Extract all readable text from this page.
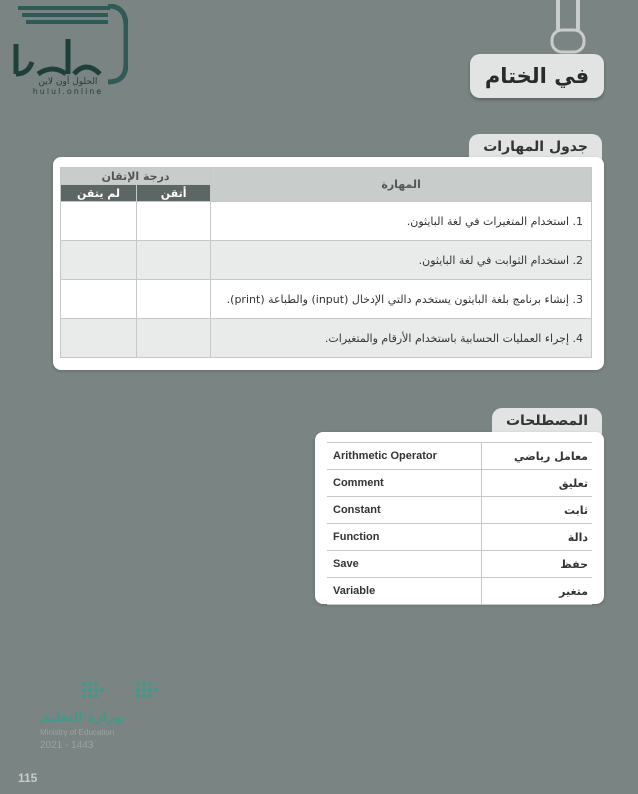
الحلول أون لاين
hulul.online
في الختام
جدول المهارات
درجة الإتقان		المهارة
لم يتقن	أتقن	
		1. استخدام المتغيرات في لغة البايثون.
		2. استخدام الثوابت في لغة البايثون.
		3. إنشاء برنامج بلغة البايثون يستخدم دالتي الإدخال (input) والطباعة (print).
		4. إجراء العمليات الحسابية باستخدام الأرقام والمتغيرات.
المصطلحات
Arithmetic Operator	معامل رياضي
Comment	تعليق
Constant	ثابت
Function	دالة
Save	حفظ
Variable	متغير
وزارة التعليم
Ministry of Education
2021 - 1443
115
